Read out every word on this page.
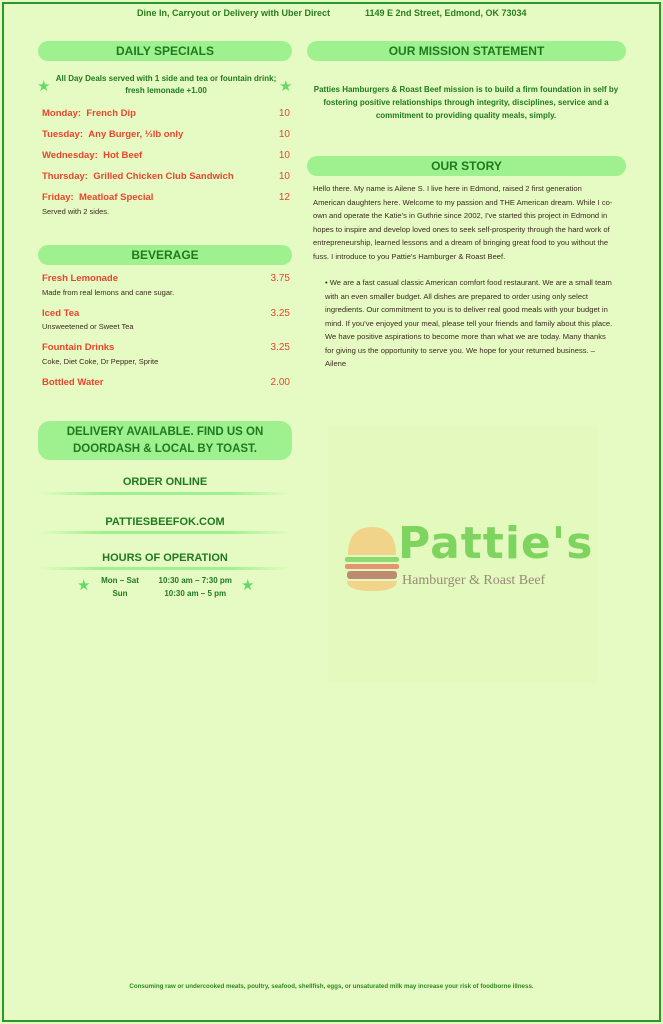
Dine In, Carryout or Delivery with Uber Direct	1149 E 2nd Street, Edmond, OK 73034
DAILY SPECIALS
★	★
All Day Deals served with 1 side and tea or fountain drink; fresh lemonade +1.00
Monday: French Dip	10
Tuesday: Any Burger, ⅓lb only	10
Wednesday: Hot Beef	10
Thursday: Grilled Chicken Club Sandwich	10
Friday: Meatloaf Special	12
Served with 2 sides.
BEVERAGE
Fresh Lemonade	3.75
Made from real lemons and cane sugar.
Iced Tea	3.25
Unsweetened or Sweet Tea
Fountain Drinks	3.25
Coke, Diet Coke, Dr Pepper, Sprite
Bottled Water	2.00
DELIVERY AVAILABLE. FIND US ON
DOORDASH & LOCAL BY TOAST.
ORDER ONLINE
PATTIESBEEFOK.COM
HOURS OF OPERATION
★	★
Mon – Sat 10:30 am – 7:30 pm
Sun	10:30 am – 5 pm
OUR MISSION STATEMENT
Patties Hamburgers & Roast Beef mission is to build a firm foundation in self by fostering positive relationships through integrity, disciplines, service and a commitment to providing quality meals, simply.
OUR STORY
Hello there. My name is Ailene S. I live here in Edmond, raised 2 first generation American daughters here. Welcome to my passion and THE American dream. While I co-own and operate the Katie's in Guthrie since 2002, I've started this project in Edmond in hopes to inspire and develop loved ones to seek self-prosperity through the hard work of entrepreneurship, learned lessons and a dream of bringing great food to you without the fuss. I introduce to you Pattie's Hamburger & Roast Beef.
• We are a fast casual classic American comfort food restaurant. We are a small team with an even smaller budget. All dishes are prepared to order using only select ingredients. Our commitment to you is to deliver real good meals with your budget in mind. If you've enjoyed your meal, please tell your friends and family about this place. We have positive aspirations to become more than what we are today. Many thanks for giving us the opportunity to serve you. We hope for your returned business. –Ailene
Pattie's
Hamburger & Roast Beef
Consuming raw or undercooked meats, poultry, seafood, shellfish, eggs, or unsaturated milk may increase your risk of foodborne illness.
